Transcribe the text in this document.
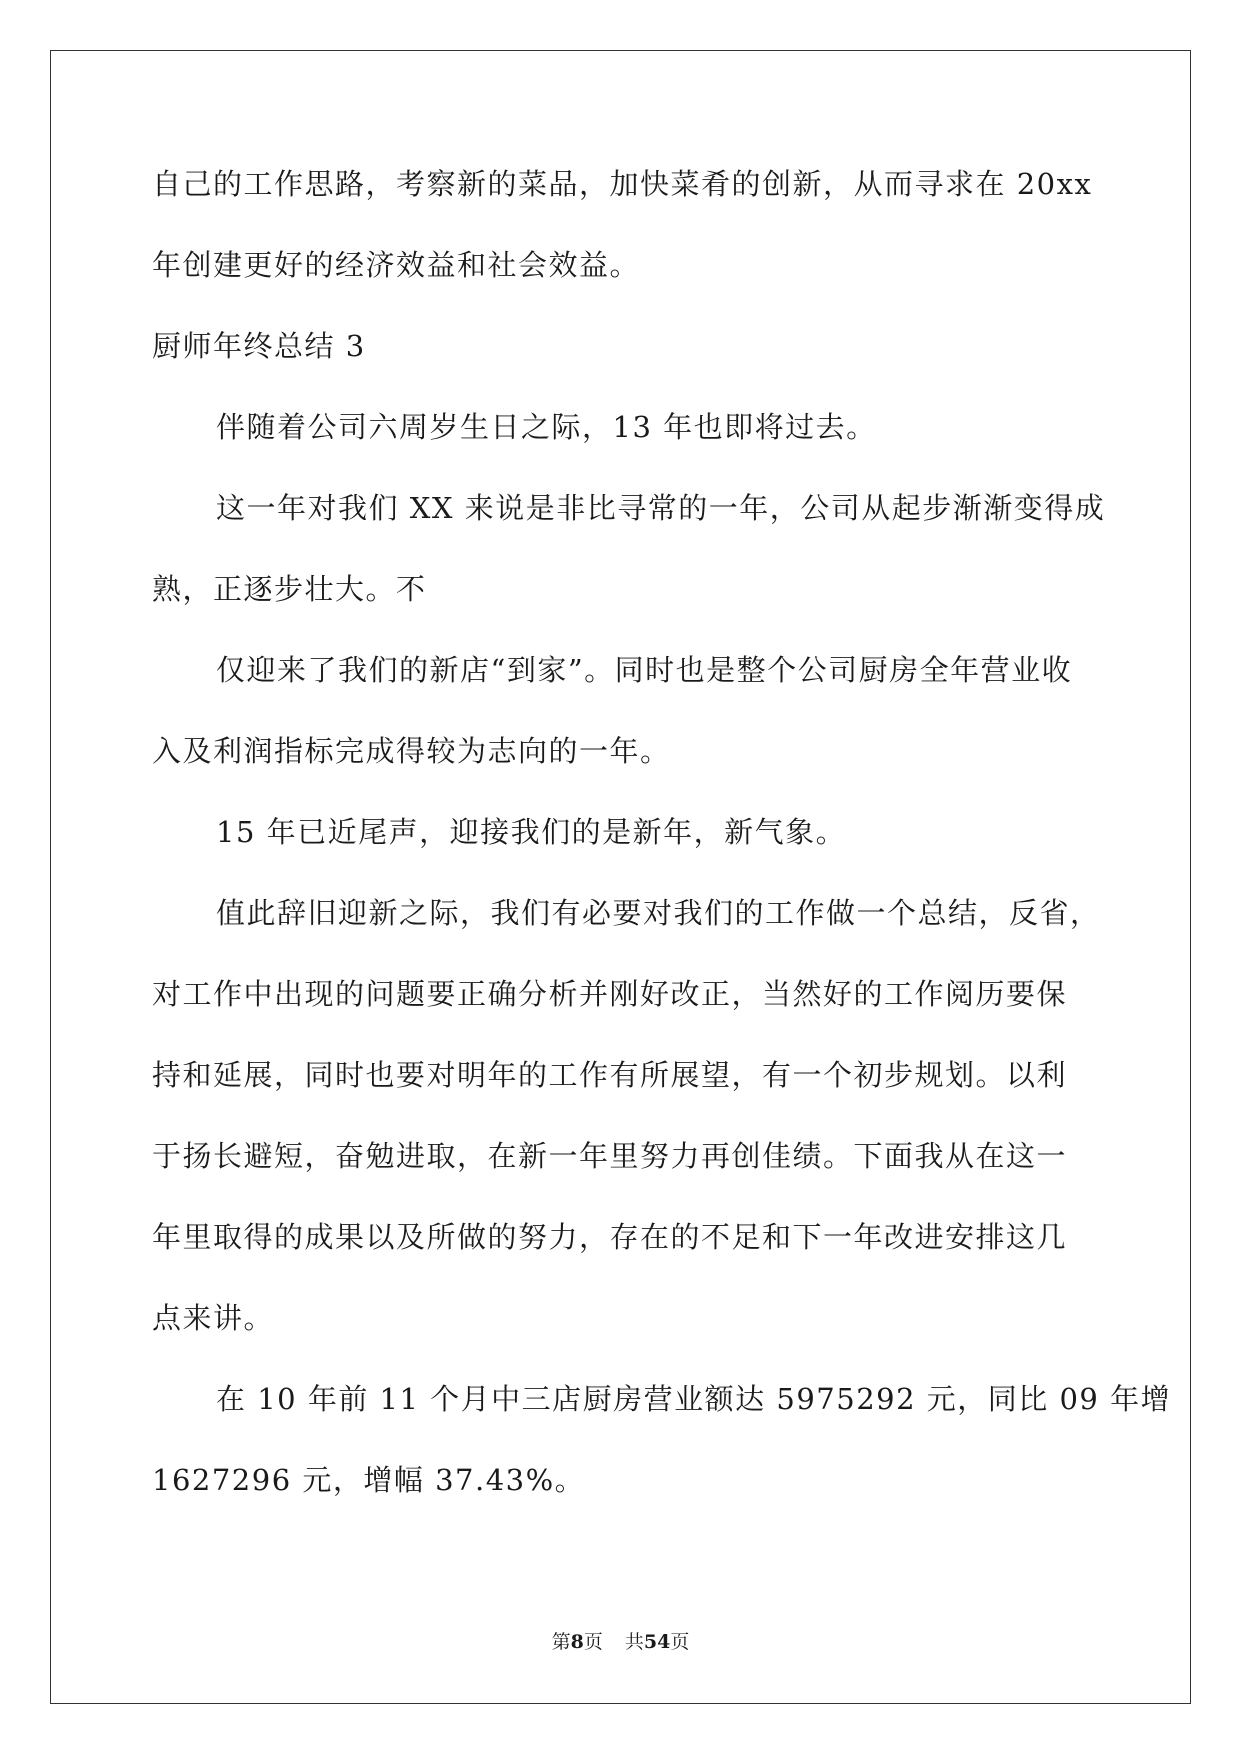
自己的工作思路，考察新的菜品，加快菜肴的创新，从而寻求在 20xx
年创建更好的经济效益和社会效益。
厨师年终总结 3
伴随着公司六周岁生日之际，13 年也即将过去。
这一年对我们 XX 来说是非比寻常的一年，公司从起步渐渐变得成
熟，正逐步壮大。不
仅迎来了我们的新店“到家”。同时也是整个公司厨房全年营业收
入及利润指标完成得较为志向的一年。
15 年已近尾声，迎接我们的是新年，新气象。
值此辞旧迎新之际，我们有必要对我们的工作做一个总结，反省，
对工作中出现的问题要正确分析并刚好改正，当然好的工作阅历要保
持和延展，同时也要对明年的工作有所展望，有一个初步规划。以利
于扬长避短，奋勉进取，在新一年里努力再创佳绩。下面我从在这一
年里取得的成果以及所做的努力，存在的不足和下一年改进安排这几
点来讲。
在 10 年前 11 个月中三店厨房营业额达 5975292 元，同比 09 年增
1627296 元，增幅 37.43%。
第8页 共54页
